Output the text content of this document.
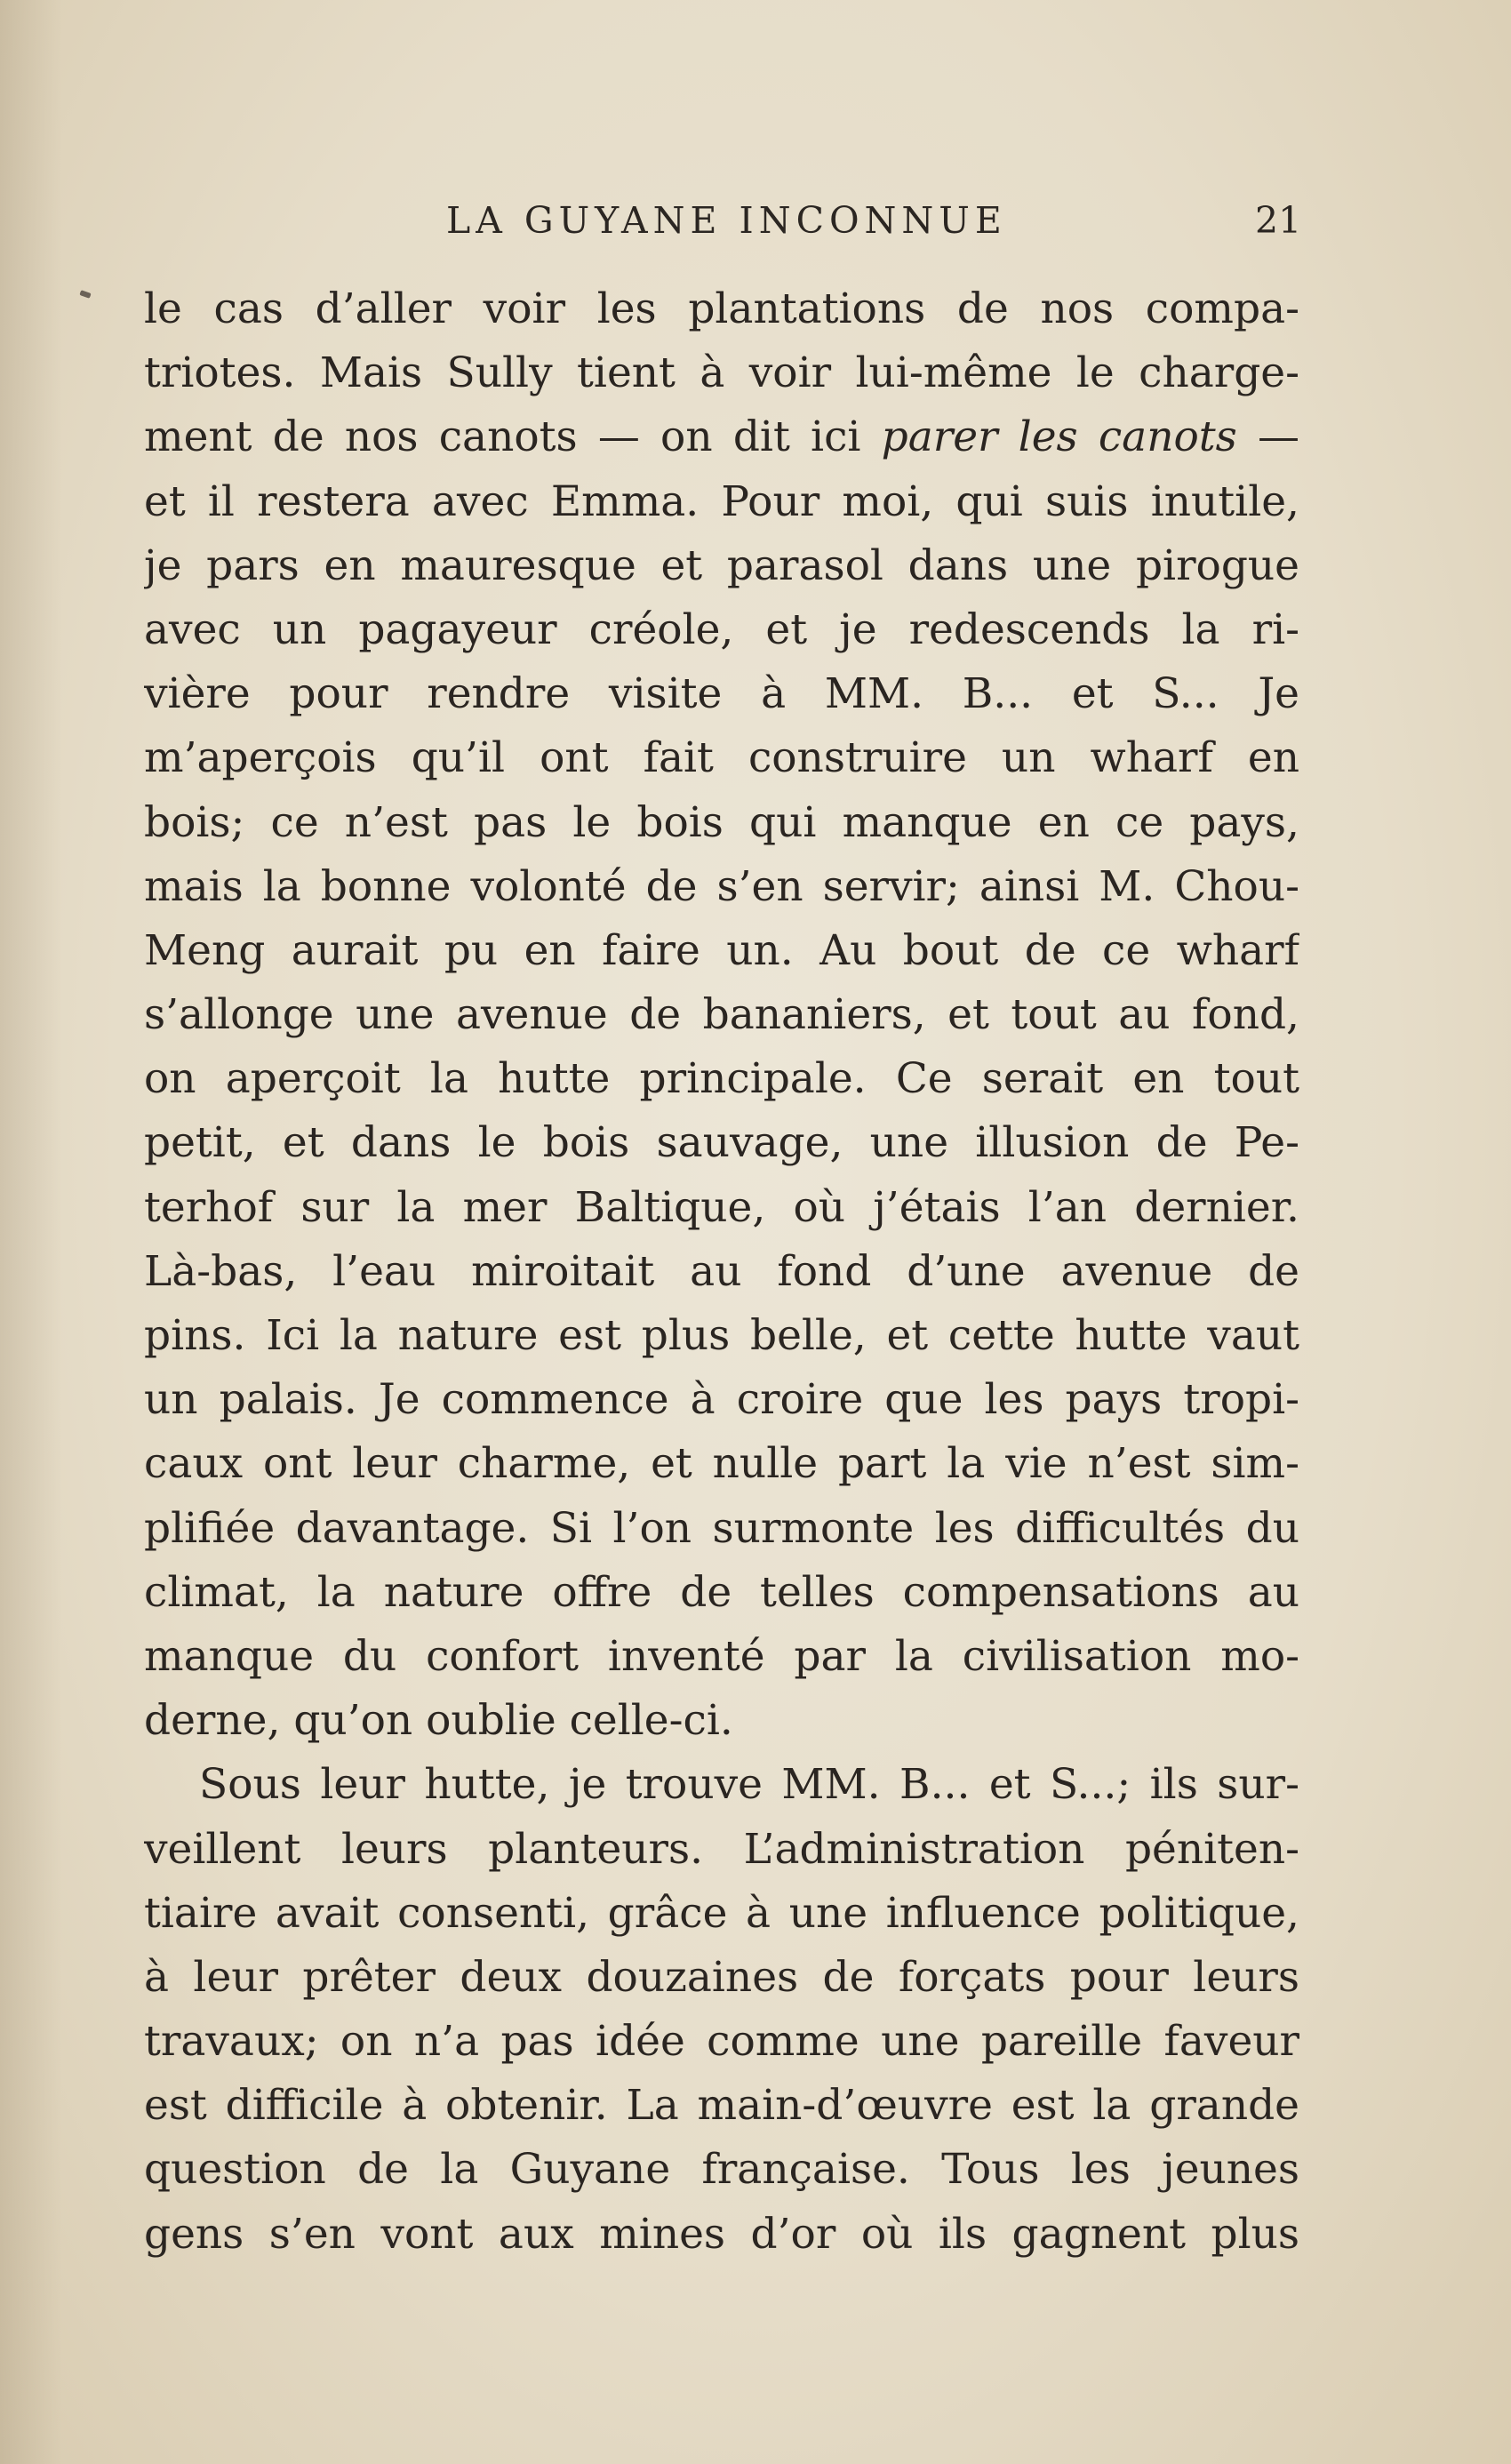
LA GUYANE INCONNUE	21
le cas d’aller voir les plantations de nos compa-
triotes. Mais Sully tient à voir lui-même le charge-
ment de nos canots — on dit ici parer les canots —
et il restera avec Emma. Pour moi, qui suis inutile,
je pars en mauresque et parasol dans une pirogue
avec un pagayeur créole, et je redescends la ri-
vière pour rendre visite à MM. B... et S... Je
m’aperçois qu’il ont fait construire un wharf en
bois; ce n’est pas le bois qui manque en ce pays,
mais la bonne volonté de s’en servir; ainsi M. Chou-
Meng aurait pu en faire un. Au bout de ce wharf
s’allonge une avenue de bananiers, et tout au fond,
on aperçoit la hutte principale. Ce serait en tout
petit, et dans le bois sauvage, une illusion de Pe-
terhof sur la mer Baltique, où j’étais l’an dernier.
Là-bas, l’eau miroitait au fond d’une avenue de
pins. Ici la nature est plus belle, et cette hutte vaut
un palais. Je commence à croire que les pays tropi-
caux ont leur charme, et nulle part la vie n’est sim-
plifiée davantage. Si l’on surmonte les difficultés du
climat, la nature offre de telles compensations au
manque du confort inventé par la civilisation mo-
derne, qu’on oublie celle-ci.
Sous leur hutte, je trouve MM. B... et S...; ils sur-
veillent leurs planteurs. L’administration péniten-
tiaire avait consenti, grâce à une influence politique,
à leur prêter deux douzaines de forçats pour leurs
travaux; on n’a pas idée comme une pareille faveur
est difficile à obtenir. La main-d’œuvre est la grande
question de la Guyane française. Tous les jeunes
gens s’en vont aux mines d’or où ils gagnent plus
